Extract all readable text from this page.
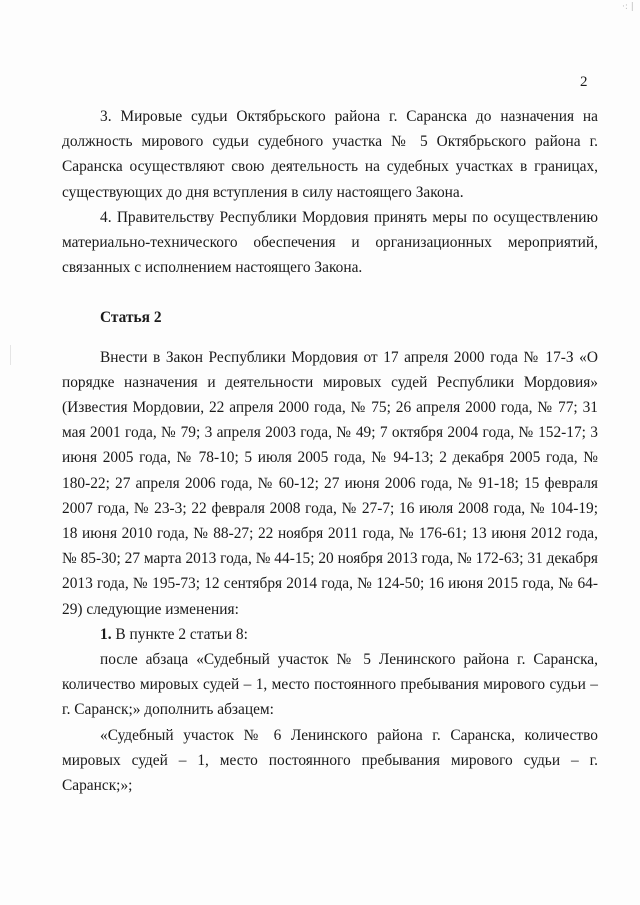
·: |
2

3. Мировые судьи Октябрьского района г. Саранска до назначения на должность мирового судьи судебного участка № 5 Октябрьского района г. Саранска осуществляют свою деятельность на судебных участках в границах, существующих до дня вступления в силу настоящего Закона.

4. Правительству Республики Мордовия принять меры по осуществлению материально-технического обеспечения и организационных мероприятий, связанных с исполнением настоящего Закона.

Статья 2

Внести в Закон Республики Мордовия от 17 апреля 2000 года № 17-З «О порядке назначения и деятельности мировых судей Республики Мордовия» (Известия Мордовии, 22 апреля 2000 года, № 75; 26 апреля 2000 года, № 77; 31 мая 2001 года, № 79; 3 апреля 2003 года, № 49; 7 октября 2004 года, № 152-17; 3 июня 2005 года, № 78-10; 5 июля 2005 года, № 94-13; 2 декабря 2005 года, № 180-22; 27 апреля 2006 года, № 60-12; 27 июня 2006 года, № 91-18; 15 февраля 2007 года, № 23-3; 22 февраля 2008 года, № 27-7; 16 июля 2008 года, № 104-19; 18 июня 2010 года, № 88-27; 22 ноября 2011 года, № 176-61; 13 июня 2012 года, № 85-30; 27 марта 2013 года, № 44-15; 20 ноября 2013 года, № 172-63; 31 декабря 2013 года, № 195-73; 12 сентября 2014 года, № 124-50; 16 июня 2015 года, № 64-29) следующие изменения:

1. В пункте 2 статьи 8:

после абзаца «Судебный участок № 5 Ленинского района г. Саранска, количество мировых судей – 1, место постоянного пребывания мирового судьи – г. Саранск;» дополнить абзацем:

«Судебный участок № 6 Ленинского района г. Саранска, количество мировых судей – 1, место постоянного пребывания мирового судьи – г. Саранск;»;
